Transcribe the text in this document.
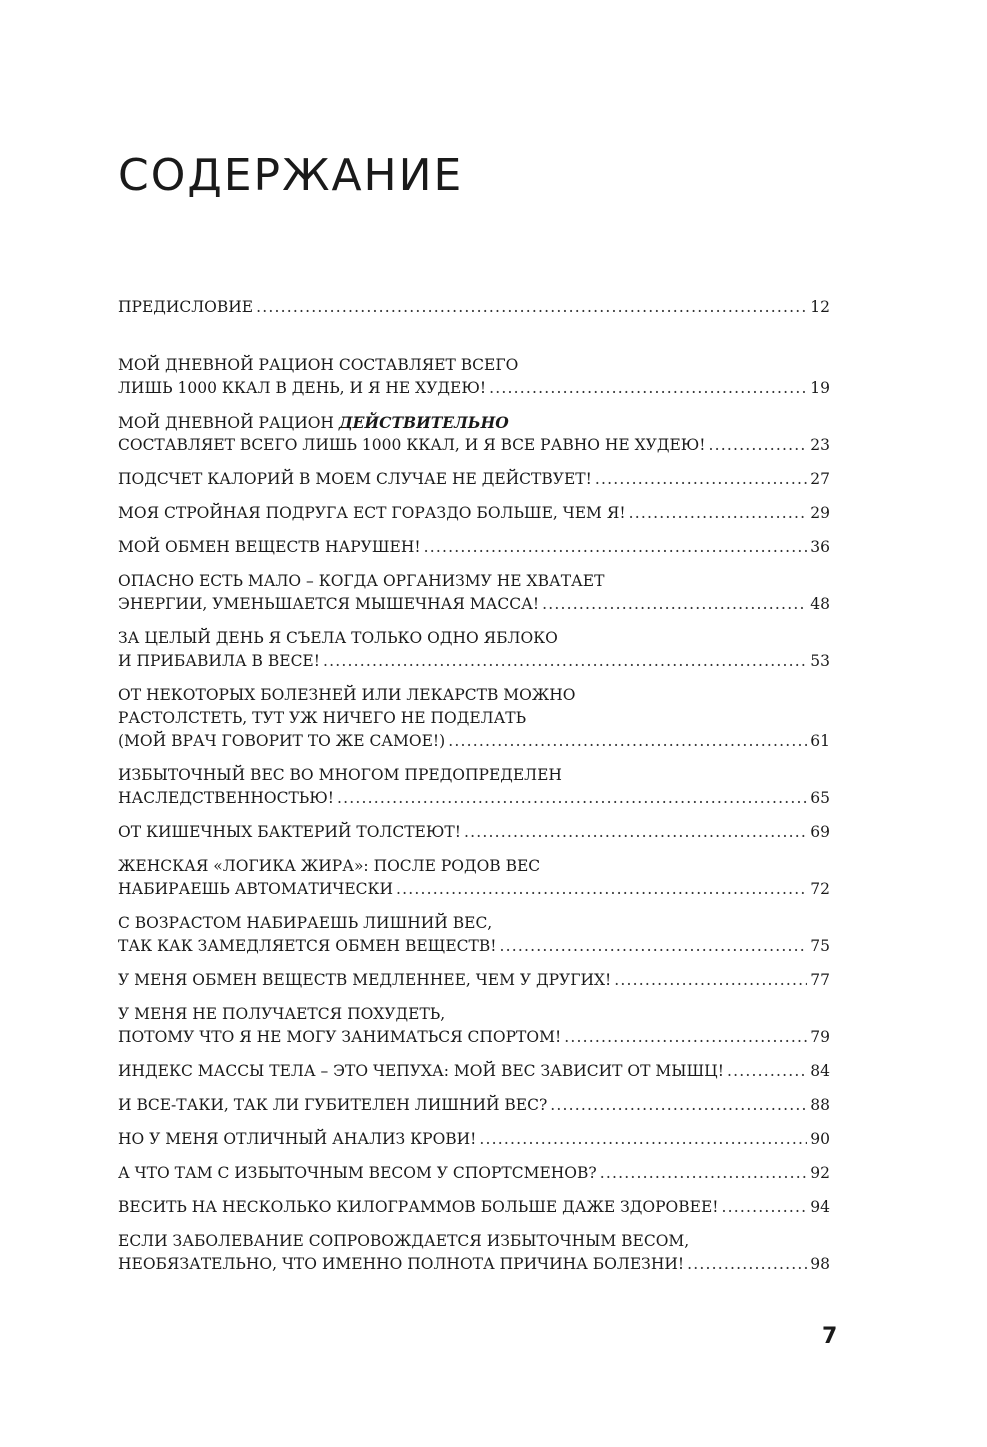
СОДЕРЖАНИЕ
ПРЕДИСЛОВИЕ .....	12
МОЙ ДНЕВНОЙ РАЦИОН СОСТАВЛЯЕТ ВСЕГО
ЛИШЬ 1000 ККАЛ В ДЕНЬ, И Я НЕ ХУДЕЮ! .....	19
МОЙ ДНЕВНОЙ РАЦИОН ДЕЙСТВИТЕЛЬНО
СОСТАВЛЯЕТ ВСЕГО ЛИШЬ 1000 ККАЛ, И Я ВСЕ РАВНО НЕ ХУДЕЮ! .....	23
ПОДСЧЕТ КАЛОРИЙ В МОЕМ СЛУЧАЕ НЕ ДЕЙСТВУЕТ! .....	27
МОЯ СТРОЙНАЯ ПОДРУГА ЕСТ ГОРАЗДО БОЛЬШЕ, ЧЕМ Я! .....	29
МОЙ ОБМЕН ВЕЩЕСТВ НАРУШЕН! .....	36
ОПАСНО ЕСТЬ МАЛО – КОГДА ОРГАНИЗМУ НЕ ХВАТАЕТ
ЭНЕРГИИ, УМЕНЬШАЕТСЯ МЫШЕЧНАЯ МАССА! .....	48
ЗА ЦЕЛЫЙ ДЕНЬ Я СЪЕЛА ТОЛЬКО ОДНО ЯБЛОКО
И ПРИБАВИЛА В ВЕСЕ! .....	53
ОТ НЕКОТОРЫХ БОЛЕЗНЕЙ ИЛИ ЛЕКАРСТВ МОЖНО
РАСТОЛСТЕТЬ, ТУТ УЖ НИЧЕГО НЕ ПОДЕЛАТЬ
(МОЙ ВРАЧ ГОВОРИТ ТО ЖЕ САМОЕ!) .....	61
ИЗБЫТОЧНЫЙ ВЕС ВО МНОГОМ ПРЕДОПРЕДЕЛЕН
НАСЛЕДСТВЕННОСТЬЮ! .....	65
ОТ КИШЕЧНЫХ БАКТЕРИЙ ТОЛСТЕЮТ! .....	69
ЖЕНСКАЯ «ЛОГИКА ЖИРА»: ПОСЛЕ РОДОВ ВЕС
НАБИРАЕШЬ АВТОМАТИЧЕСКИ .....	72
С ВОЗРАСТОМ НАБИРАЕШЬ ЛИШНИЙ ВЕС,
ТАК КАК ЗАМЕДЛЯЕТСЯ ОБМЕН ВЕЩЕСТВ! .....	75
У МЕНЯ ОБМЕН ВЕЩЕСТВ МЕДЛЕННЕЕ, ЧЕМ У ДРУГИХ! .....	77
У МЕНЯ НЕ ПОЛУЧАЕТСЯ ПОХУДЕТЬ,
ПОТОМУ ЧТО Я НЕ МОГУ ЗАНИМАТЬСЯ СПОРТОМ! .....	79
ИНДЕКС МАССЫ ТЕЛА – ЭТО ЧЕПУХА: МОЙ ВЕС ЗАВИСИТ ОТ МЫШЦ! .....	84
И ВСЕ-ТАКИ, ТАК ЛИ ГУБИТЕЛЕН ЛИШНИЙ ВЕС? .....	88
НО У МЕНЯ ОТЛИЧНЫЙ АНАЛИЗ КРОВИ! .....	90
А ЧТО ТАМ С ИЗБЫТОЧНЫМ ВЕСОМ У СПОРТСМЕНОВ? .....	92
ВЕСИТЬ НА НЕСКОЛЬКО КИЛОГРАММОВ БОЛЬШЕ ДАЖЕ ЗДОРОВЕЕ! .....	94
ЕСЛИ ЗАБОЛЕВАНИЕ СОПРОВОЖДАЕТСЯ ИЗБЫТОЧНЫМ ВЕСОМ,
НЕОБЯЗАТЕЛЬНО, ЧТО ИМЕННО ПОЛНОТА ПРИЧИНА БОЛЕЗНИ! .....	98
7
